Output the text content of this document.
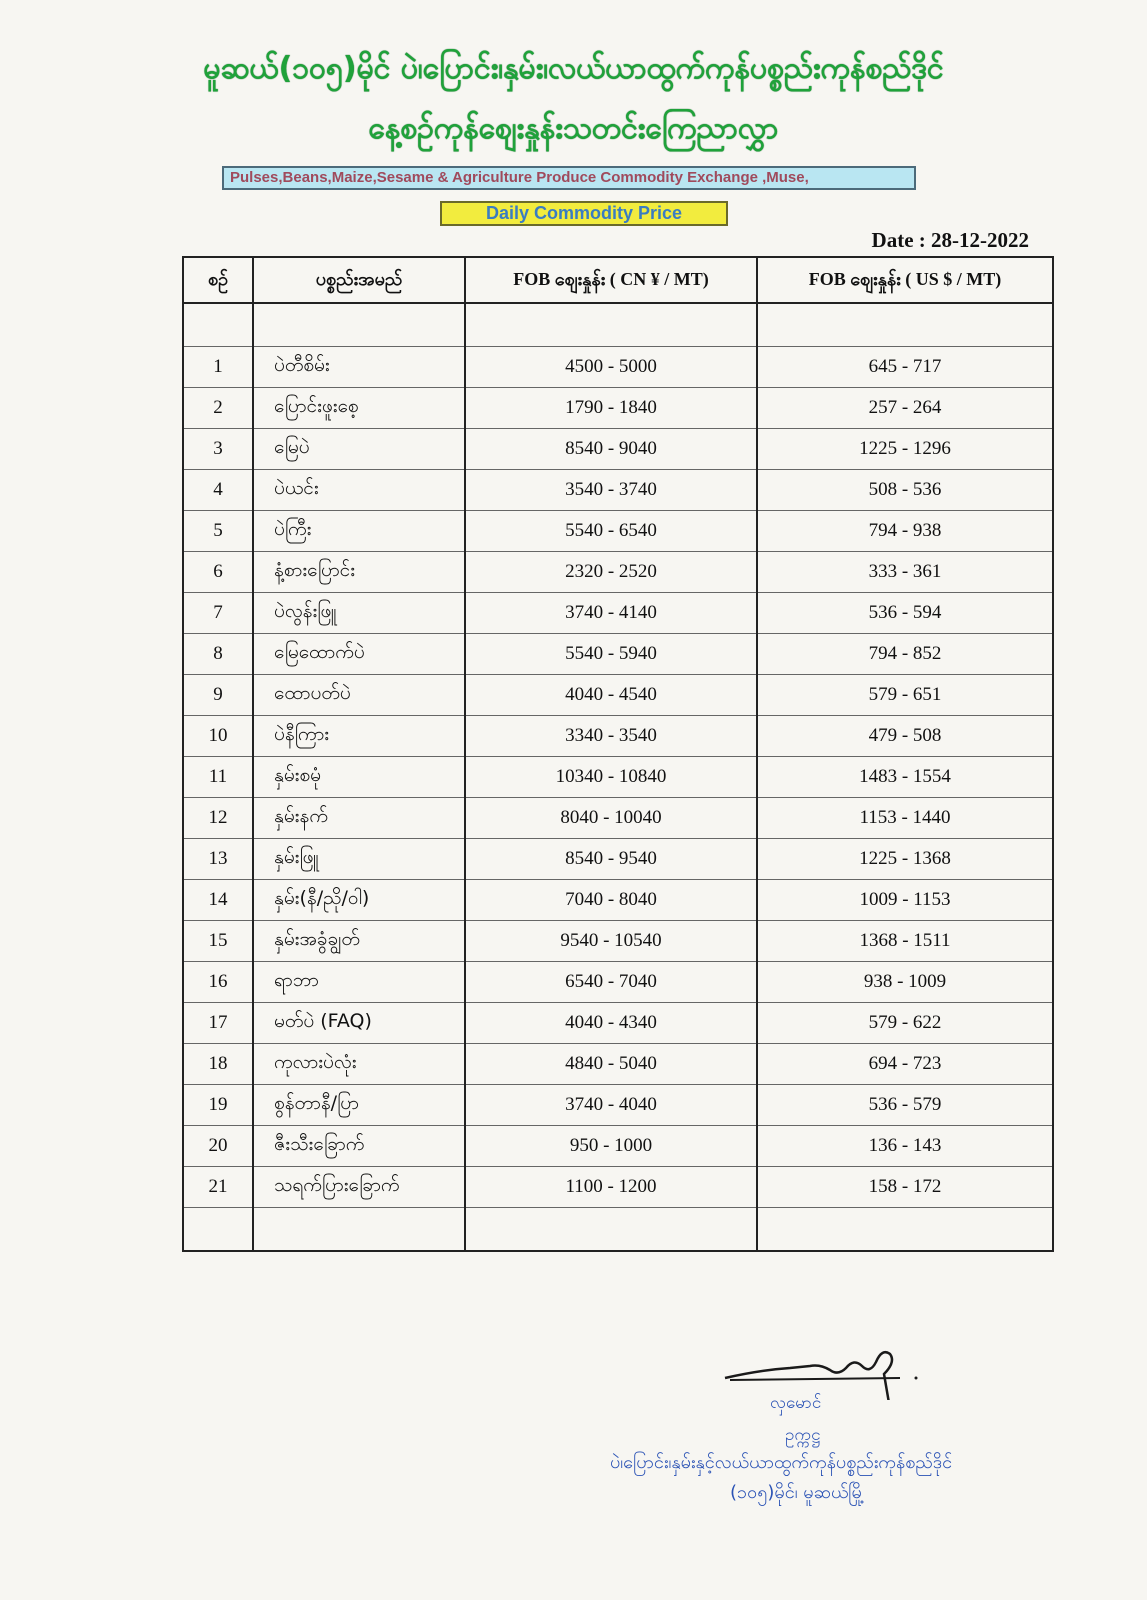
မူဆယ်(၁၀၅)မိုင် ပဲ၊ပြောင်း၊နှမ်း၊လယ်ယာထွက်ကုန်ပစ္စည်းကုန်စည်ဒိုင်
နေ့စဉ်ကုန်စျေးနှုန်းသတင်းကြေညာလွှာ
Pulses,Beans,Maize,Sesame & Agriculture Produce Commodity Exchange ,Muse,
Daily Commodity Price
Date : 28-12-2022
စဉ်	ပစ္စည်းအမည်	FOB စျေးနှုန်း ( CN ¥ / MT)	FOB စျေးနှုန်း ( US $ / MT)

1	ပဲတီစိမ်း	4500 - 5000	645 - 717
2	ပြောင်းဖူးစေ့	1790 - 1840	257 - 264
3	မြေပဲ	8540 - 9040	1225 - 1296
4	ပဲယင်း	3540 - 3740	508 - 536
5	ပဲကြီး	5540 - 6540	794 - 938
6	နံ့စားပြောင်း	2320 - 2520	333 - 361
7	ပဲလွန်းဖြူ	3740 - 4140	536 - 594
8	မြေထောက်ပဲ	5540 - 5940	794 - 852
9	ထောပတ်ပဲ	4040 - 4540	579 - 651
10	ပဲနီကြား	3340 - 3540	479 - 508
11	နှမ်းစမုံ	10340 - 10840	1483 - 1554
12	နှမ်းနက်	8040 - 10040	1153 - 1440
13	နှမ်းဖြူ	8540 - 9540	1225 - 1368
14	နှမ်း(နီ/ညို/ဝါ)	7040 - 8040	1009 - 1153
15	နှမ်းအခွံချွတ်	9540 - 10540	1368 - 1511
16	ရာဘာ	6540 - 7040	938 - 1009
17	မတ်ပဲ (FAQ)	4040 - 4340	579 - 622
18	ကုလားပဲလုံး	4840 - 5040	694 - 723
19	စွန်တာနီ/ပြာ	3740 - 4040	536 - 579
20	ဇီးသီးခြောက်	950 - 1000	136 - 143
21	သရက်ပြားခြောက်	1100 - 1200	158 - 172

လှမောင်
ဥက္ကဋ္ဌ
ပဲ၊ပြောင်း၊နှမ်းနှင့်လယ်ယာထွက်ကုန်ပစ္စည်းကုန်စည်ဒိုင်
(၁၀၅)မိုင်၊ မူဆယ်မြို့
